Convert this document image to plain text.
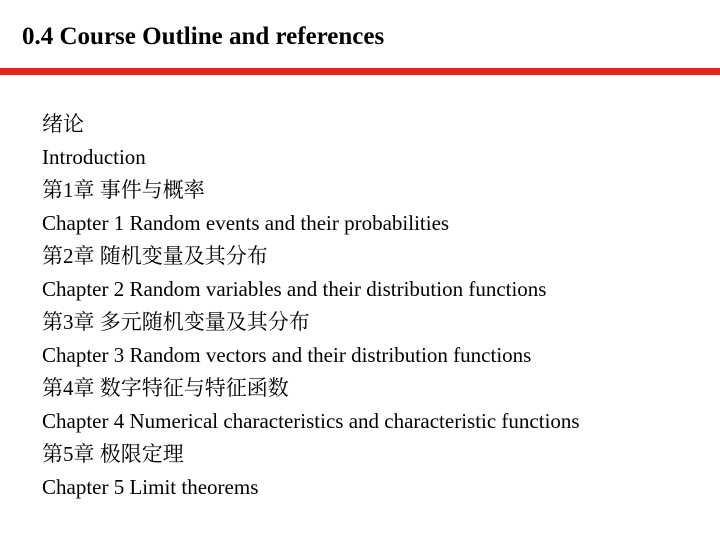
0.4 Course Outline and references
绪论
Introduction
第1章 事件与概率
Chapter 1 Random events and their probabilities
第2章 随机变量及其分布
Chapter 2 Random variables and their distribution functions
第3章 多元随机变量及其分布
Chapter 3 Random vectors and their distribution functions
第4章 数字特征与特征函数
Chapter 4 Numerical characteristics and characteristic functions
第5章 极限定理
Chapter 5 Limit theorems
